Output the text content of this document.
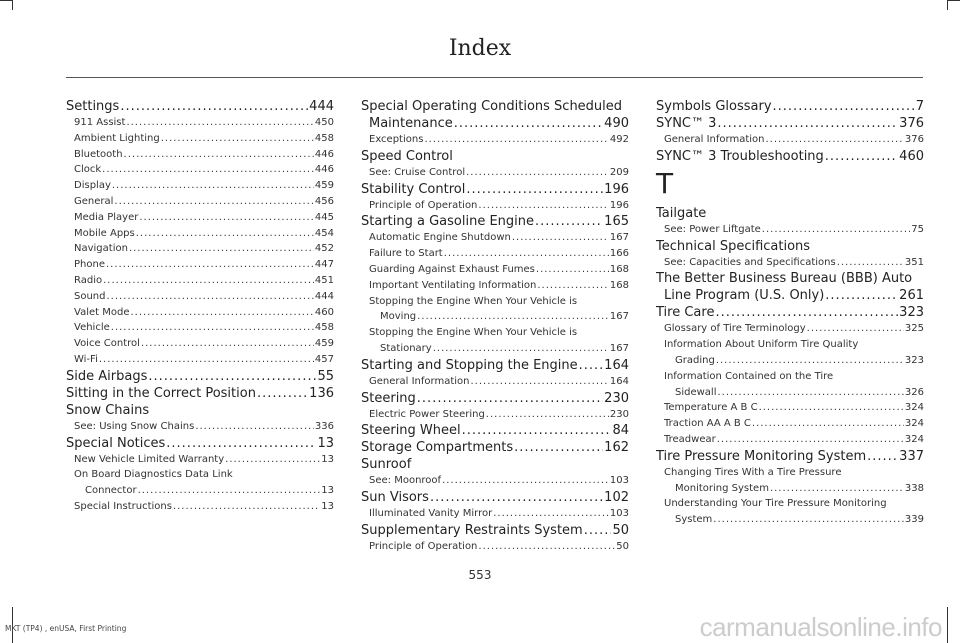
Index
Settings .....	444
911 Assist .....	450
Ambient Lighting .....	458
Bluetooth .....	446
Clock .....	446
Display .....	459
General .....	456
Media Player .....	445
Mobile Apps .....	454
Navigation .....	452
Phone .....	447
Radio .....	451
Sound .....	444
Valet Mode .....	460
Vehicle .....	458
Voice Control .....	459
Wi-Fi .....	457
Side Airbags .....	55
Sitting in the Correct Position .....	136
Snow Chains
See: Using Snow Chains .....	336
Special Notices .....	13
New Vehicle Limited Warranty .....	13
On Board Diagnostics Data Link
Connector .....	13
Special Instructions .....	13
Special Operating Conditions Scheduled
Maintenance .....	490
Exceptions .....	492
Speed Control
See: Cruise Control .....	209
Stability Control .....	196
Principle of Operation .....	196
Starting a Gasoline Engine .....	165
Automatic Engine Shutdown .....	167
Failure to Start .....	166
Guarding Against Exhaust Fumes .....	168
Important Ventilating Information .....	168
Stopping the Engine When Your Vehicle is
Moving .....	167
Stopping the Engine When Your Vehicle is
Stationary .....	167
Starting and Stopping the Engine ..... 164
General Information .....	164
Steering .....	230
Electric Power Steering .....	230
Steering Wheel .....	84
Storage Compartments .....	162
Sunroof
See: Moonroof .....	103
Sun Visors .....	102
Illuminated Vanity Mirror .....	103
Supplementary Restraints System ..... 50
Principle of Operation .....	50
Symbols Glossary .....	7
SYNC™ 3 .....	376
General Information .....	376
SYNC™ 3 Troubleshooting .....	460
T
Tailgate
See: Power Liftgate .....	75
Technical Specifications
See: Capacities and Specifications .....	351
The Better Business Bureau (BBB) Auto
Line Program (U.S. Only) .....	261
Tire Care .....	323
Glossary of Tire Terminology .....	325
Information About Uniform Tire Quality
Grading .....	323
Information Contained on the Tire
Sidewall .....	326
Temperature A B C .....	324
Traction AA A B C .....	324
Treadwear .....	324
Tire Pressure Monitoring System .....	337
Changing Tires With a Tire Pressure
Monitoring System .....	338
Understanding Your Tire Pressure Monitoring
System .....	339
553
MKT (TP4) , enUSA, First Printing	carmanualsonline.info
